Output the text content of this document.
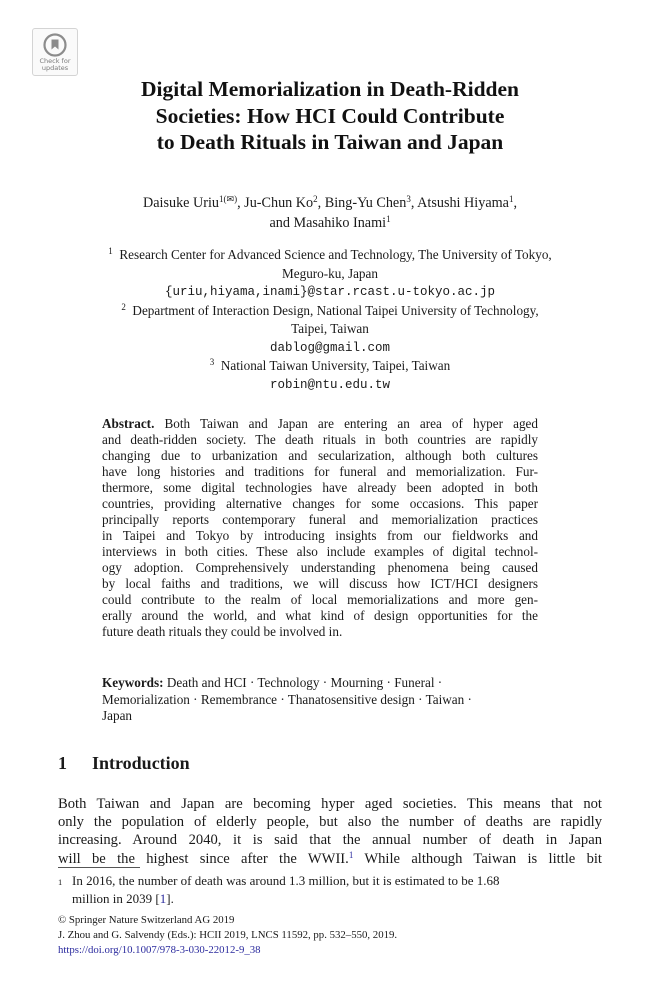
Check for
updates
Digital Memorialization in Death-Ridden
Societies: How HCI Could Contribute
to Death Rituals in Taiwan and Japan
Daisuke Uriu$^{1(✉)}$, Ju-Chun Ko$^2$, Bing-Yu Chen$^3$, Atsushi Hiyama$^1$,
and Masahiko Inami$^1$
$^1$ Research Center for Advanced Science and Technology, The University of Tokyo,
Meguro-ku, Japan
{uriu,hiyama,inami}@star.rcast.u-tokyo.ac.jp
$^2$ Department of Interaction Design, National Taipei University of Technology,
Taipei, Taiwan
dablog@gmail.com
$^3$ National Taiwan University, Taipei, Taiwan
robin@ntu.edu.tw
Abstract. Both Taiwan and Japan are entering an area of hyper aged
and death-ridden society. The death rituals in both countries are rapidly
changing due to urbanization and secularization, although both cultures
have long histories and traditions for funeral and memorialization. Fur-
thermore, some digital technologies have already been adopted in both
countries, providing alternative changes for some occasions. This paper
principally reports contemporary funeral and memorialization practices
in Taipei and Tokyo by introducing insights from our fieldworks and
interviews in both cities. These also include examples of digital technol-
ogy adoption. Comprehensively understanding phenomena being caused
by local faiths and traditions, we will discuss how ICT/HCI designers
could contribute to the realm of local memorializations and more gen-
erally around the world, and what kind of design opportunities for the
future death rituals they could be involved in.
Keywords: Death and HCI · Technology · Mourning · Funeral ·
Memorialization · Remembrance · Thanatosensitive design · Taiwan ·
Japan
1 Introduction
Both Taiwan and Japan are becoming hyper aged societies. This means that not
only the population of elderly people, but also the number of deaths are rapidly
increasing. Around 2040, it is said that the annual number of death in Japan
will be the highest since after the WWII.$^1$ While although Taiwan is little bit
1 In 2016, the number of death was around 1.3 million, but it is estimated to be 1.68
million in 2039 [ 1 ].
© Springer Nature Switzerland AG 2019
J. Zhou and G. Salvendy (Eds.): HCII 2019, LNCS 11592, pp. 532–550, 2019.
https://doi.org/10.1007/978-3-030-22012-9_38
